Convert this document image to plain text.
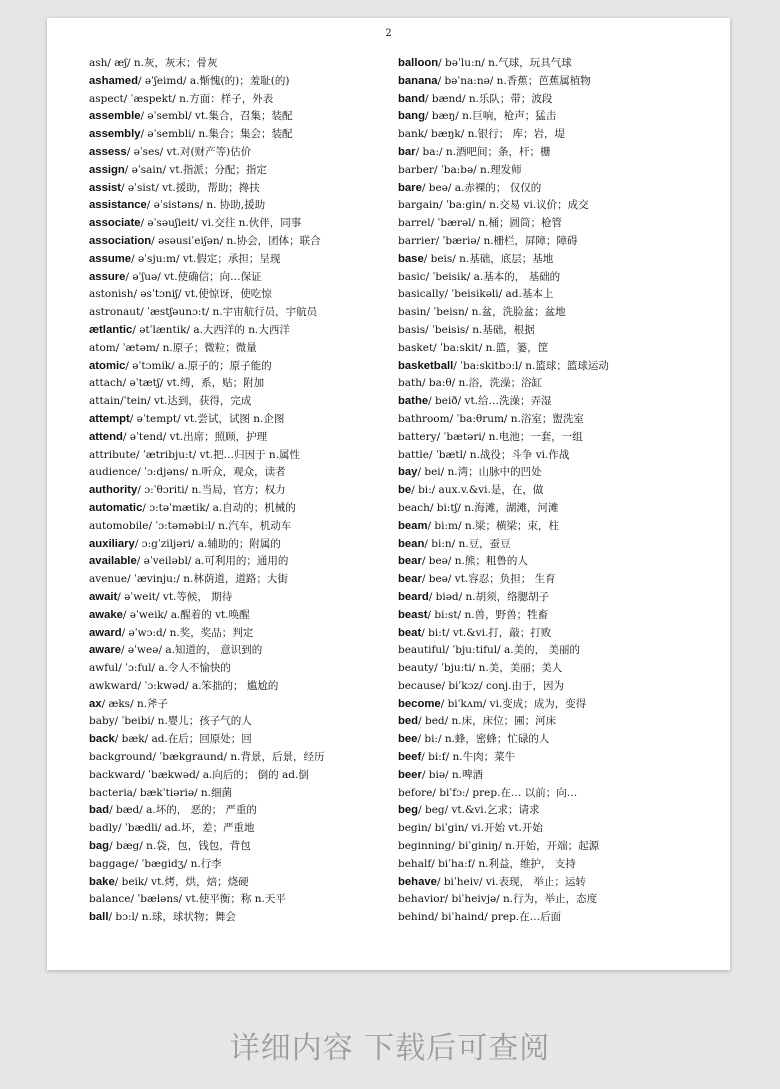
2
ash/ æʃ/ n.灰，灰末；骨灰
ashamed/ əˈʃeimd/ a.惭愧(的)；羞耻(的)
aspect/ ˈæspekt/ n.方面：样子，外表
assemble/ əˈsembl/ vt.集合，召集；装配
assembly/ əˈsembli/ n.集合；集会；装配
assess/ əˈses/ vt.对(财产等)估价
assign/ əˈsain/ vt.指派；分配；指定
assist/ əˈsist/ vt.援助，帮助；搀扶
assistance/ əˈsistəns/ n. 协助,援助
associate/ əˈsəuʃieit/ vi.交往 n.伙伴，同事
association/ əsəusiˈeiʃən/ n.协会，团体；联合
assume/ əˈsju:m/ vt.假定；承担；呈现
assure/ əˈʃuə/ vt.使确信；向…保证
astonish/ əsˈtɔniʃ/ vt.使惊讶，使吃惊
astronaut/ ˈæstʃəunɔ:t/ n.宇宙航行员，宇航员
ætlantic/ ətˈlæntik/ a.大西洋的 n.大西洋
atom/ ˈætəm/ n.原子；微粒；微量
atomic/ əˈtɔmik/ a.原子的；原子能的
attach/ əˈtætʃ/ vt.缚，系，贴；附加
attain/ˈtein/ vt.达到，获得，完成
attempt/ əˈtempt/ vt.尝试，试图 n.企图
attend/ əˈtend/ vt.出席；照顾，护理
attribute/ ˈætribju:t/ vt.把…归因于 n.属性
audience/ ˈɔ:djəns/ n.听众，观众，读者
authority/ ɔ:ˈθɔriti/ n.当局，官方；权力
automatic/ ɔ:təˈmætik/ a.自动的；机械的
automobile/ ˈɔ:təməbi:l/ n.汽车，机动车
auxiliary/ ɔ:gˈziljəri/ a.辅助的；附属的
available/ əˈveiləbl/ a.可利用的；通用的
avenue/ ˈævinju:/ n.林荫道，道路；大街
await/ əˈweit/ vt.等候， 期待
awake/ əˈweik/ a.醒着的 vt.唤醒
award/ əˈwɔ:d/ n.奖，奖品；判定
aware/ əˈweə/ a.知道的， 意识到的
awful/ ˈɔ:ful/ a.令人不愉快的
awkward/ ˈɔ:kwəd/ a.笨拙的； 尴尬的
ax/ æks/ n.斧子
baby/ ˈbeibi/ n.婴儿；孩子气的人
back/ bæk/ ad.在后；回原处；回
background/ ˈbækgraund/ n.背景，后景，经历
backward/ ˈbækwəd/ a.向后的； 倒的 ad.倒
bacteria/ bækˈtiəriə/ n.细菌
bad/ bæd/ a.坏的， 恶的； 严重的
badly/ ˈbædli/ ad.坏，差；严重地
bag/ bæg/ n.袋，包，钱包，背包
baggage/ ˈbægidʒ/ n.行李
bake/ beik/ vt.烤，烘，焙；烧硬
balance/ ˈbæləns/ vt.使平衡；称 n.天平
ball/ bɔ:l/ n.球，球状物；舞会
balloon/ bəˈlu:n/ n.气球，玩具气球
banana/ bəˈna:nə/ n.香蕉；芭蕉属植物
band/ bænd/ n.乐队；带；波段
bang/ bæŋ/ n.巨响，枪声；猛击
bank/ bæŋk/ n.银行； 库；岩，堤
bar/ ba:/ n.酒吧间；条，杆；栅
barber/ ˈba:bə/ n.理发师
bare/ beə/ a.赤裸的； 仅仅的
bargain/ ˈba:gin/ n.交易 vi.议价；成交
barrel/ ˈbærəl/ n.桶；圆筒；枪管
barrier/ ˈbæriə/ n.栅栏，屏障；障碍
base/ beis/ n.基础，底层；基地
basic/ ˈbeisik/ a.基本的， 基础的
basically/ ˈbeisikəli/ ad.基本上
basin/ ˈbeisn/ n.盆，洗脸盆；盆地
basis/ ˈbeisis/ n.基础，根据
basket/ ˈba:skit/ n.篮，篓，筐
basketball/ ˈba:skitbɔ:l/ n.篮球；篮球运动
bath/ ba:θ/ n.浴，洗澡；浴缸
bathe/ beið/ vt.给…洗澡；弄湿
bathroom/ ˈba:θrum/ n.浴室；盥洗室
battery/ ˈbætəri/ n.电池；一套，一组
battle/ ˈbætl/ n.战役；斗争 vi.作战
bay/ bei/ n.湾；山脉中的凹处
be/ bi:/ aux.v.&vi.是，在，做
beach/ bi:tʃ/ n.海滩，湖滩，河滩
beam/ bi:m/ n.梁；横梁；束，柱
bean/ bi:n/ n.豆，蚕豆
bear/ beə/ n.熊；粗鲁的人
bear/ beə/ vt.容忍；负担； 生育
beard/ biəd/ n.胡须，络腮胡子
beast/ bi:st/ n.兽，野兽；牲畜
beat/ bi:t/ vt.&vi.打，敲；打败
beautiful/ ˈbju:tiful/ a.美的， 美丽的
beauty/ ˈbju:ti/ n.美，美丽；美人
because/ biˈkɔz/ conj.由于，因为
become/ biˈkʌm/ vi.变成；成为，变得
bed/ bed/ n.床，床位；圃；河床
bee/ bi:/ n.蜂，密蜂；忙碌的人
beef/ bi:f/ n.牛肉；菜牛
beer/ biə/ n.啤酒
before/ biˈfɔ:/ prep.在… 以前；向…
beg/ beg/ vt.&vi.乞求；请求
begin/ biˈgin/ vi.开始 vt.开始
beginning/ biˈginiŋ/ n.开始，开端；起源
behalf/ biˈha:f/ n.利益，维护， 支持
behave/ biˈheiv/ vi.表现， 举止；运转
behavior/ biˈheivjə/ n.行为，举止，态度
behind/ biˈhaind/ prep.在…后面
详细内容 下载后可查阅
